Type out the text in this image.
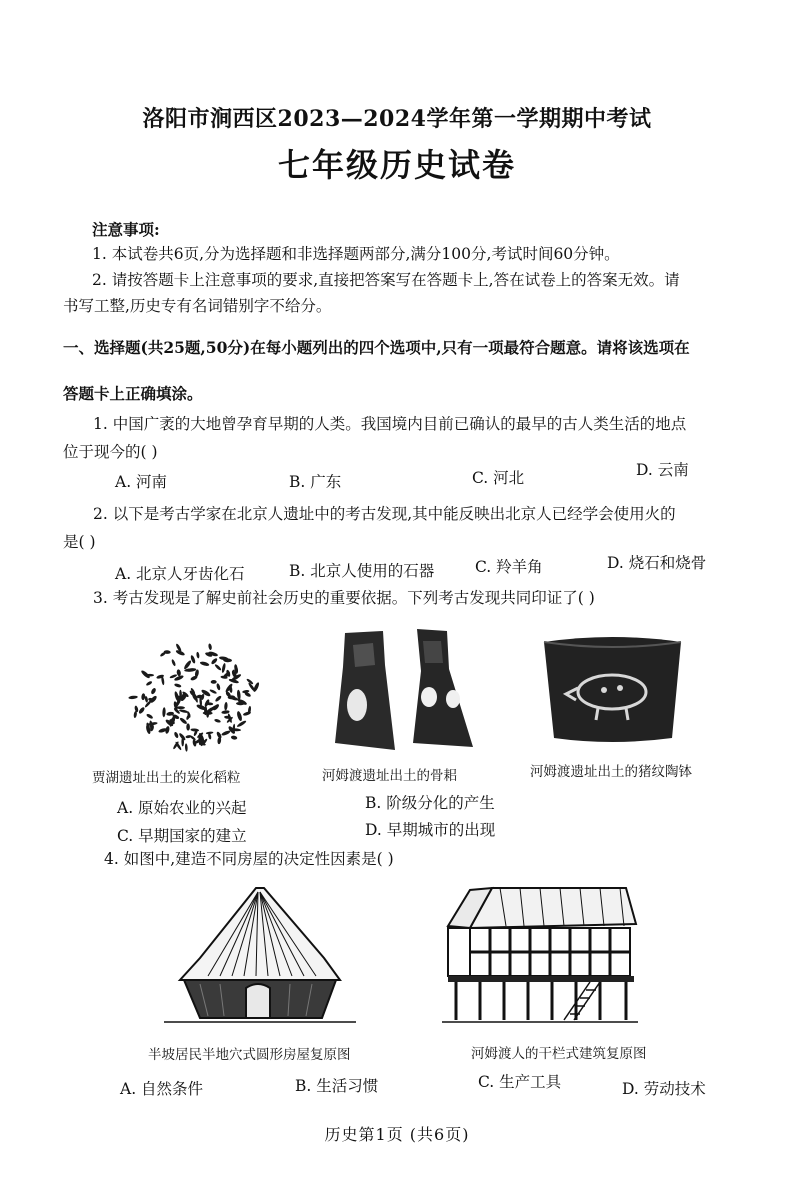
洛阳市涧西区2023—2024学年第一学期期中考试
七年级历史试卷
注意事项:
1. 本试卷共6页,分为选择题和非选择题两部分,满分100分,考试时间60分钟。
2. 请按答题卡上注意事项的要求,直接把答案写在答题卡上,答在试卷上的答案无效。请
书写工整,历史专有名词错别字不给分。
一、选择题(共25题,50分)在每小题列出的四个选项中,只有一项最符合题意。请将该选项在
答题卡上正确填涂。
1. 中国广袤的大地曾孕育早期的人类。我国境内目前已确认的最早的古人类生活的地点
位于现今的( )
A. 河南	B. 广东	C. 河北	D. 云南
2. 以下是考古学家在北京人遗址中的考古发现,其中能反映出北京人已经学会使用火的
是( )
A. 北京人牙齿化石	B. 北京人使用的石器	C. 羚羊角	D. 烧石和烧骨
3. 考古发现是了解史前社会历史的重要依据。下列考古发现共同印证了( )
贾湖遗址出土的炭化稻粒	河姆渡遗址出土的骨耜	河姆渡遗址出土的猪纹陶钵
A. 原始农业的兴起	B. 阶级分化的产生
C. 早期国家的建立	D. 早期城市的出现
4. 如图中,建造不同房屋的决定性因素是( )
半坡居民半地穴式圆形房屋复原图	河姆渡人的干栏式建筑复原图
A. 自然条件	B. 生活习惯	C. 生产工具	D. 劳动技术
历史第1页 (共6页)
